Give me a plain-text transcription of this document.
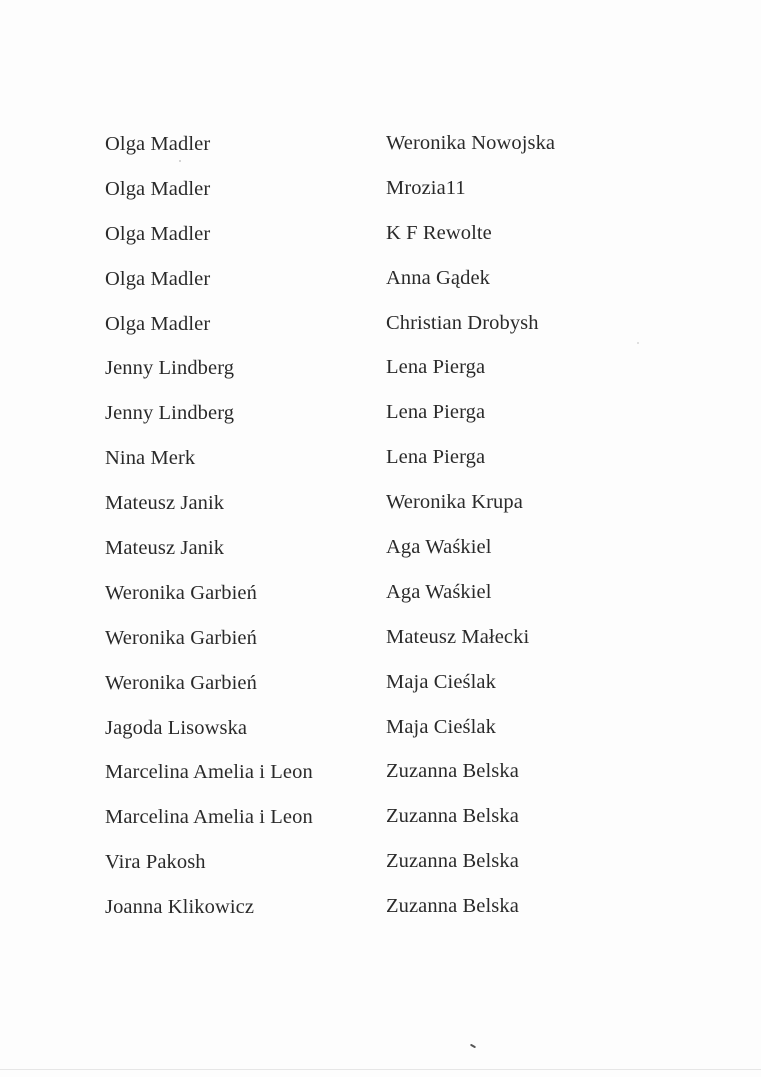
Olga Madler
Olga Madler
Olga Madler
Olga Madler
Olga Madler
Jenny Lindberg
Jenny Lindberg
Nina Merk
Mateusz Janik
Mateusz Janik
Weronika Garbień
Weronika Garbień
Weronika Garbień
Jagoda Lisowska
Marcelina Amelia i Leon
Marcelina Amelia i Leon
Vira Pakosh
Joanna Klikowicz
Weronika Nowojska
Mrozia11
K F Rewolte
Anna Gądek
Christian Drobysh
Lena Pierga
Lena Pierga
Lena Pierga
Weronika Krupa
Aga Waśkiel
Aga Waśkiel
Mateusz Małecki
Maja Cieślak
Maja Cieślak
Zuzanna Belska
Zuzanna Belska
Zuzanna Belska
Zuzanna Belska
